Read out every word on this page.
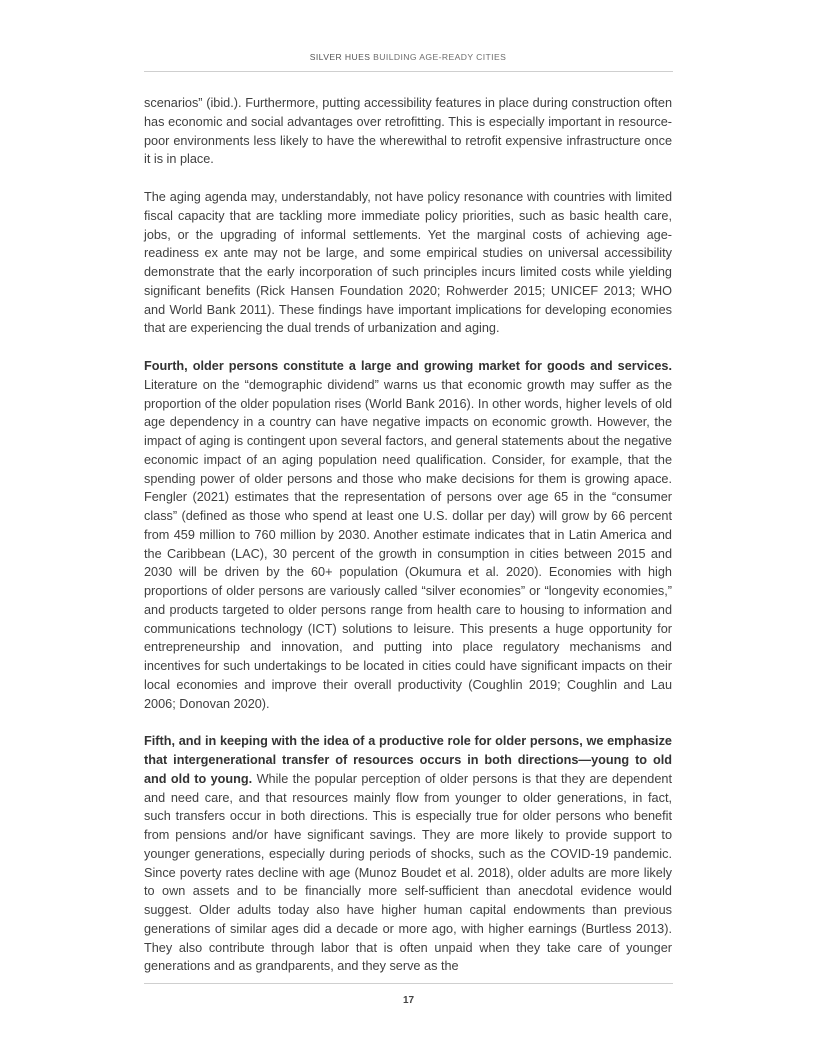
SILVER HUES BUILDING AGE-READY CITIES

scenarios” (ibid.). Furthermore, putting accessibility features in place during construction often has economic and social advantages over retrofitting. This is especially important in resource-poor environments less likely to have the wherewithal to retrofit expensive infrastructure once it is in place.

The aging agenda may, understandably, not have policy resonance with countries with limited fiscal capacity that are tackling more immediate policy priorities, such as basic health care, jobs, or the upgrading of informal settlements. Yet the marginal costs of achieving age-readiness ex ante may not be large, and some empirical studies on universal accessibility demonstrate that the early incorporation of such principles incurs limited costs while yielding significant benefits (Rick Hansen Foundation 2020; Rohwerder 2015; UNICEF 2013; WHO and World Bank 2011). These findings have important implications for developing economies that are experiencing the dual trends of urbanization and aging.

Fourth, older persons constitute a large and growing market for goods and services. Literature on the “demographic dividend” warns us that economic growth may suffer as the proportion of the older population rises (World Bank 2016). In other words, higher levels of old age dependency in a country can have negative impacts on economic growth. However, the impact of aging is contingent upon several factors, and general statements about the negative economic impact of an aging population need qualification. Consider, for example, that the spending power of older persons and those who make decisions for them is growing apace. Fengler (2021) estimates that the representation of persons over age 65 in the “consumer class” (defined as those who spend at least one U.S. dollar per day) will grow by 66 percent from 459 million to 760 million by 2030. Another estimate indicates that in Latin America and the Caribbean (LAC), 30 percent of the growth in consumption in cities between 2015 and 2030 will be driven by the 60+ population (Okumura et al. 2020). Economies with high proportions of older persons are variously called “silver economies” or “longevity economies,” and products targeted to older persons range from health care to housing to information and communications technology (ICT) solutions to leisure. This presents a huge opportunity for entrepreneurship and innovation, and putting into place regulatory mechanisms and incentives for such undertakings to be located in cities could have significant impacts on their local economies and improve their overall productivity (Coughlin 2019; Coughlin and Lau 2006; Donovan 2020).

Fifth, and in keeping with the idea of a productive role for older persons, we emphasize that intergenerational transfer of resources occurs in both directions—young to old and old to young. While the popular perception of older persons is that they are dependent and need care, and that resources mainly flow from younger to older generations, in fact, such transfers occur in both directions. This is especially true for older persons who benefit from pensions and/or have significant savings. They are more likely to provide support to younger generations, especially during periods of shocks, such as the COVID-19 pandemic. Since poverty rates decline with age (Munoz Boudet et al. 2018), older adults are more likely to own assets and to be financially more self-sufficient than anecdotal evidence would suggest. Older adults today also have higher human capital endowments than previous generations of similar ages did a decade or more ago, with higher earnings (Burtless 2013). They also contribute through labor that is often unpaid when they take care of younger generations and as grandparents, and they serve as the

17
